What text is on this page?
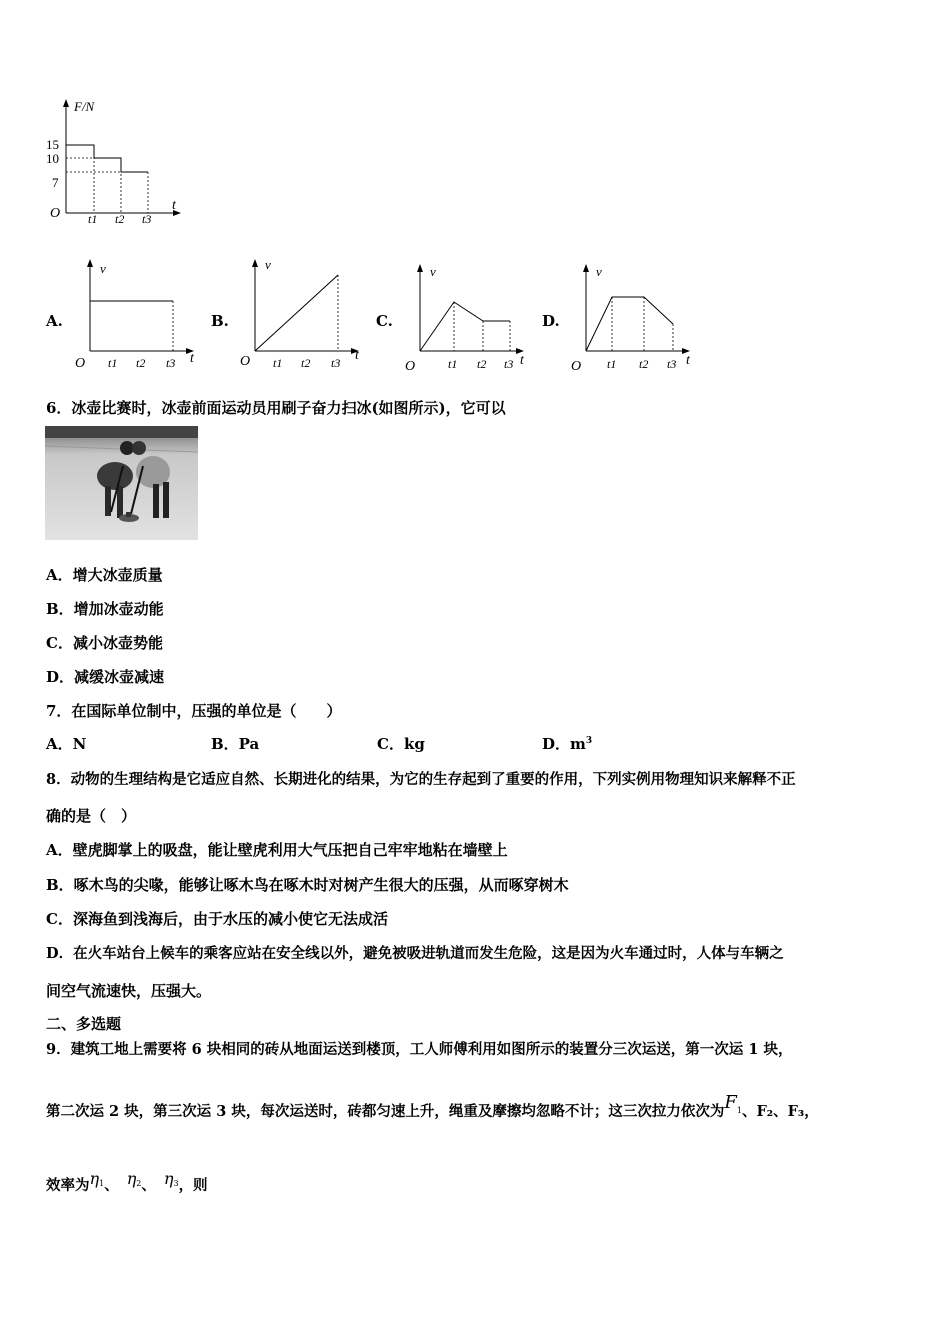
F/N
15
10
7
O
t
t1 t2 t3
A.
v
t
O t1 t2 t3
B.
v
t
O t1 t2 t3
C.
v
t
O	t1 t2 t3
D.
v
t
O t1 t2 t3
6．冰壶比赛时，冰壶前面运动员用刷子奋力扫冰(如图所示)，它可以
A．增大冰壶质量
B．增加冰壶动能
C．减小冰壶势能
D．减缓冰壶减速
7．在国际单位制中，压强的单位是（　　）
A．N	B．Pa	C．kg	D．$m^3$
8．动物的生理结构是它适应自然、长期进化的结果，为它的生存起到了重要的作用，下列实例用物理知识来解释不正
确的是（　）
A．壁虎脚掌上的吸盘，能让壁虎利用大气压把自己牢牢地粘在墙壁上
B．啄木鸟的尖喙，能够让啄木鸟在啄木时对树产生很大的压强，从而啄穿树木
C．深海鱼到浅海后，由于水压的减小使它无法成活
D．在火车站台上候车的乘客应站在安全线以外，避免被吸进轨道而发生危险，这是因为火车通过时，人体与车辆之
间空气流速快，压强大。
二、多选题
9．建筑工地上需要将 6 块相同的砖从地面运送到楼顶，工人师傅利用如图所示的装置分三次运送，第一次运 1 块，
第二次运 2 块，第三次运 3 块，每次运送时，砖都匀速上升，绳重及摩擦均忽略不计；这三次拉力依次为$F^1$、F₂、F₃，
效率为$\eta^1$、 $\eta^2$、 $\eta^3$，则
